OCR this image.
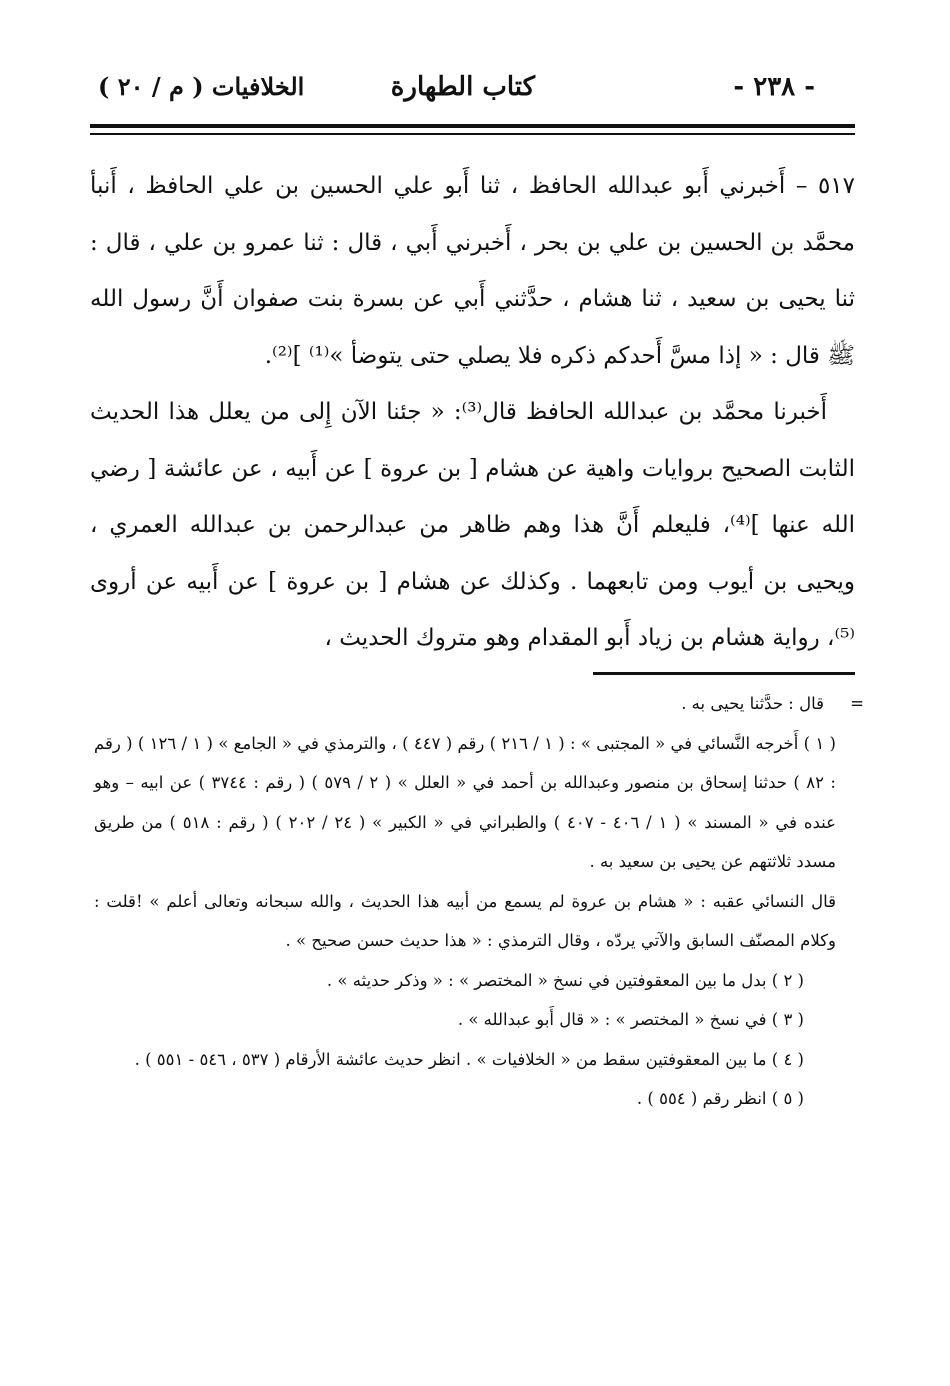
- ٢٣٨ -
كتاب الطهارة
الخلافيات ( م / ٢٠ )

٥١٧ – أَخبرني أَبو عبدالله الحافظ ، ثنا أَبو علي الحسين بن علي الحافظ ، أَنبأ محمَّد بن الحسين بن علي بن بحر ، أَخبرني أَبي ، قال : ثنا عمرو بن علي ، قال : ثنا يحيى بن سعيد ، ثنا هشام ، حدَّثني أَبي عن بسرة بنت صفوان أَنَّ رسول الله ﷺ قال : « إذا مسَّ أَحدكم ذكره فلا يصلي حتى يتوضأ »⁽¹⁾ ]⁽²⁾.

أَخبرنا محمَّد بن عبدالله الحافظ قال⁽³⁾: « جئنا الآن إِلى من يعلل هذا الحديث الثابت الصحيح بروايات واهية عن هشام [ بن عروة ] عن أَبيه ، عن عائشة [ رضي الله عنها ]⁽⁴⁾، فليعلم أَنَّ هذا وهم ظاهر من عبدالرحمن بن عبدالله العمري ، ويحيى بن أيوب ومن تابعهما . وكذلك عن هشام [ بن عروة ] عن أَبيه عن أروى ⁽⁵⁾، رواية هشام بن زياد أَبو المقدام وهو متروك الحديث ،

=
قال : حدَّثنا يحيى به .

( ١ ) أَخرجه النَّسائي في « المجتبى » : ( ١ / ٢١٦ ) رقم ( ٤٤٧ ) ، والترمذي في « الجامع » ( ١ / ١٢٦ ) ( رقم : ٨٢ ) حدثنا إسحاق بن منصور وعبدالله بن أحمد في « العلل » ( ٢ / ٥٧٩ ) ( رقم : ٣٧٤٤ ) عن ابيه – وهو عنده في « المسند » ( ١ / ٤٠٦ - ٤٠٧ ) والطبراني في « الكبير » ( ٢٤ / ٢٠٢ ) ( رقم : ٥١٨ ) من طريق مسدد ثلاثتهم عن يحيى بن سعيد به .

قال النسائي عقبه : « هشام بن عروة لم يسمع من أبيه هذا الحديث ، والله سبحانه وتعالى أعلم » !قلت : وكلام المصنّف السابق والآتي يردّه ، وقال الترمذي : « هذا حديث حسن صحيح » .

( ٢ ) بدل ما بين المعقوفتين في نسخ « المختصر » : « وذكر حديثه » .

( ٣ ) في نسخ « المختصر » : « قال أَبو عبدالله » .

( ٤ ) ما بين المعقوفتين سقط من « الخلافيات » . انظر حديث عائشة الأرقام ( ٥٣٧ ، ٥٤٦ - ٥٥١ ) .

( ٥ ) انظر رقم ( ٥٥٤ ) .
